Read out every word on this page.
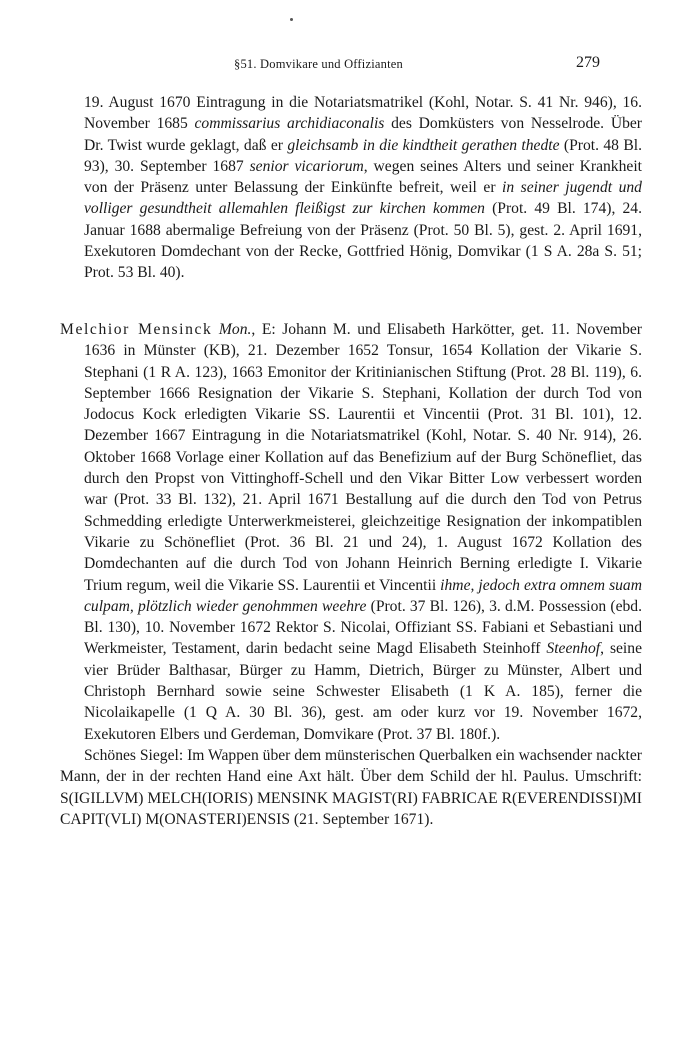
§51. Domvikare und Offizianten	279

19. August 1670 Eintragung in die Notariatsmatrikel (Kohl, Notar. S. 41 Nr. 946), 16. November 1685 commissarius archidiaconalis des Domküsters von Nesselrode. Über Dr. Twist wurde geklagt, daß er gleichsamb in die kindtheit gerathen thedte (Prot. 48 Bl. 93), 30. September 1687 senior vicariorum, wegen seines Alters und seiner Krankheit von der Präsenz unter Belassung der Einkünfte befreit, weil er in seiner jugendt und volliger gesundtheit allemahlen fleißigst zur kirchen kommen (Prot. 49 Bl. 174), 24. Januar 1688 abermalige Befreiung von der Präsenz (Prot. 50 Bl. 5), gest. 2. April 1691, Exekutoren Domdechant von der Recke, Gottfried Hönig, Domvikar (1 S A. 28a S. 51; Prot. 53 Bl. 40).

Melchior Mensinck Mon., E: Johann M. und Elisabeth Harkötter, get. 11. November 1636 in Münster (KB), 21. Dezember 1652 Tonsur, 1654 Kollation der Vikarie S. Stephani (1 R A. 123), 1663 Emonitor der Kritinianischen Stiftung (Prot. 28 Bl. 119), 6. September 1666 Resignation der Vikarie S. Stephani, Kollation der durch Tod von Jodocus Kock erledigten Vikarie SS. Laurentii et Vincentii (Prot. 31 Bl. 101), 12. Dezember 1667 Eintragung in die Notariatsmatrikel (Kohl, Notar. S. 40 Nr. 914), 26. Oktober 1668 Vorlage einer Kollation auf das Benefizium auf der Burg Schönefliet, das durch den Propst von Vittinghoff-Schell und den Vikar Bitter Low verbessert worden war (Prot. 33 Bl. 132), 21. April 1671 Bestallung auf die durch den Tod von Petrus Schmedding erledigte Unterwerkmeisterei, gleichzeitige Resignation der inkompatiblen Vikarie zu Schönefliet (Prot. 36 Bl. 21 und 24), 1. August 1672 Kollation des Domdechanten auf die durch Tod von Johann Heinrich Berning erledigte I. Vikarie Trium regum, weil die Vikarie SS. Laurentii et Vincentii ihme, jedoch extra omnem suam culpam, plötzlich wieder genohmmen weehre (Prot. 37 Bl. 126), 3. d.M. Possession (ebd. Bl. 130), 10. November 1672 Rektor S. Nicolai, Offiziant SS. Fabiani et Sebastiani und Werkmeister, Testament, darin bedacht seine Magd Elisabeth Steinhoff Steenhof, seine vier Brüder Balthasar, Bürger zu Hamm, Dietrich, Bürger zu Münster, Albert und Christoph Bernhard sowie seine Schwester Elisabeth (1 K A. 185), ferner die Nicolaikapelle (1 Q A. 30 Bl. 36), gest. am oder kurz vor 19. November 1672, Exekutoren Elbers und Gerdeman, Domvikare (Prot. 37 Bl. 180f.).

Schönes Siegel: Im Wappen über dem münsterischen Querbalken ein wachsender nackter Mann, der in der rechten Hand eine Axt hält. Über dem Schild der hl. Paulus. Umschrift: S(IGILLVM) MELCH(IORIS) MENSINK MAGIST(RI) FABRICAE R(EVERENDISSI)MI CAPIT(VLI) M(ONASTERI)ENSIS (21. September 1671).
